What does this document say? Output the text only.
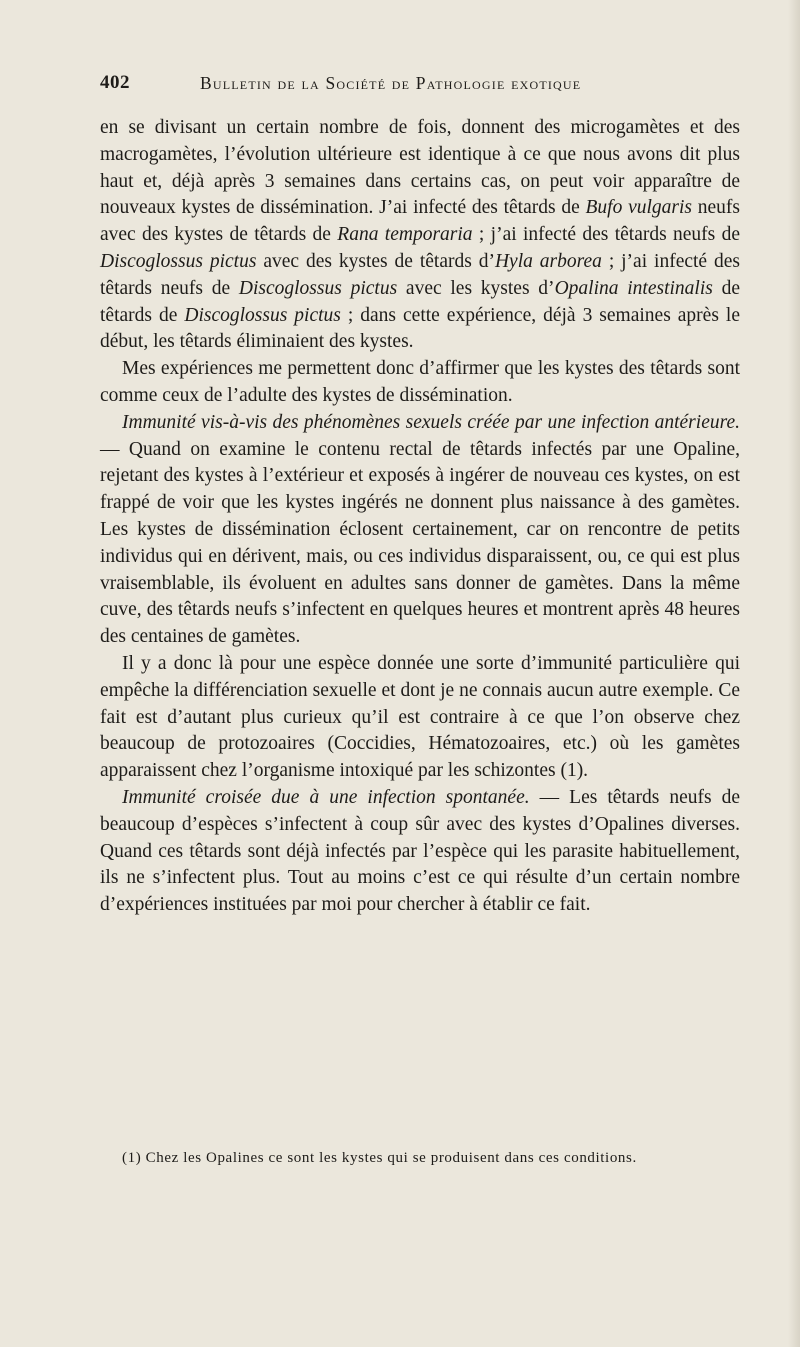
402	Bulletin de la Société de Pathologie exotique

en se divisant un certain nombre de fois, donnent des microgamètes et des macrogamètes, l’évolution ultérieure est identique à ce que nous avons dit plus haut et, déjà après 3 semaines dans certains cas, on peut voir apparaître de nouveaux kystes de dissémination. J’ai infecté des têtards de Bufo vulgaris neufs avec des kystes de têtards de Rana temporaria ; j’ai infecté des têtards neufs de Discoglossus pictus avec des kystes de têtards d’Hyla arborea ; j’ai infecté des têtards neufs de Discoglossus pictus avec les kystes d’Opalina intestinalis de têtards de Discoglossus pictus ; dans cette expérience, déjà 3 semaines après le début, les têtards éliminaient des kystes.

Mes expériences me permettent donc d’affirmer que les kystes des têtards sont comme ceux de l’adulte des kystes de dissémination.

Immunité vis-à-vis des phénomènes sexuels créée par une infection antérieure. — Quand on examine le contenu rectal de têtards infectés par une Opaline, rejetant des kystes à l’extérieur et exposés à ingérer de nouveau ces kystes, on est frappé de voir que les kystes ingérés ne donnent plus naissance à des gamètes. Les kystes de dissémination éclosent certainement, car on rencontre de petits individus qui en dérivent, mais, ou ces individus disparaissent, ou, ce qui est plus vraisemblable, ils évoluent en adultes sans donner de gamètes. Dans la même cuve, des têtards neufs s’infectent en quelques heures et montrent après 48 heures des centaines de gamètes.

Il y a donc là pour une espèce donnée une sorte d’immunité particulière qui empêche la différenciation sexuelle et dont je ne connais aucun autre exemple. Ce fait est d’autant plus curieux qu’il est contraire à ce que l’on observe chez beaucoup de protozoaires (Coccidies, Hématozoaires, etc.) où les gamètes apparaissent chez l’organisme intoxiqué par les schizontes (1).

Immunité croisée due à une infection spontanée. — Les têtards neufs de beaucoup d’espèces s’infectent à coup sûr avec des kystes d’Opalines diverses. Quand ces têtards sont déjà infectés par l’espèce qui les parasite habituellement, ils ne s’infectent plus. Tout au moins c’est ce qui résulte d’un certain nombre d’expériences instituées par moi pour chercher à établir ce fait.

(1) Chez les Opalines ce sont les kystes qui se produisent dans ces conditions.
